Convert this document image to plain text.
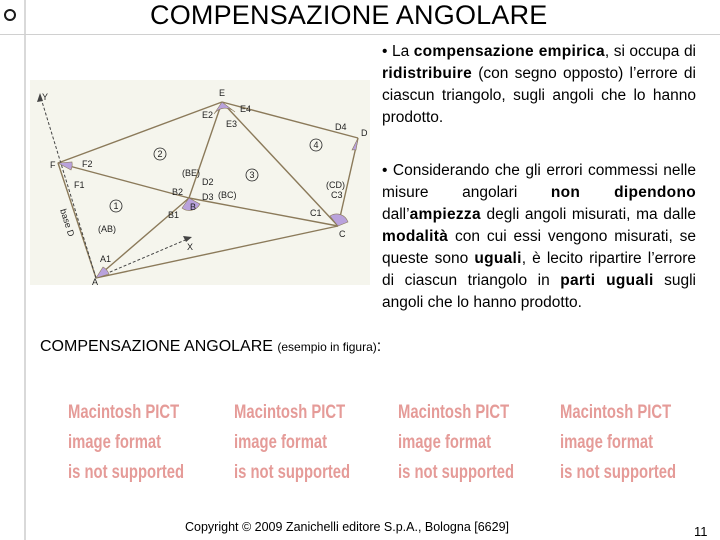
COMPENSAZIONE ANGOLARE
Y
X
A
B
C
D
E
F	F2
F1
E2
E3
E4
D4
B2
B1
D3
D2
C3
C1
A1
(AB)
(BE)
(BC)
(CD)
1
2
3
4
base D
• La compensazione empirica, si occupa di ridistribuire (con segno opposto) l’errore di ciascun triangolo, sugli angoli che lo hanno prodotto.
• Considerando che gli errori commessi nelle misure angolari non dipendono dall’ampiezza degli angoli misurati, ma dalle modalità con cui essi vengono misurati, se queste sono uguali, è lecito ripartire l’errore di ciascun triangolo in parti uguali sugli angoli che lo hanno prodotto.
COMPENSAZIONE ANGOLARE (esempio in figura):
Macintosh PICT
image format
is not supported
Macintosh PICT
image format
is not supported
Macintosh PICT
image format
is not supported
Macintosh PICT
image format
is not supported
Copyright © 2009 Zanichelli editore S.p.A., Bologna [6629]	11
